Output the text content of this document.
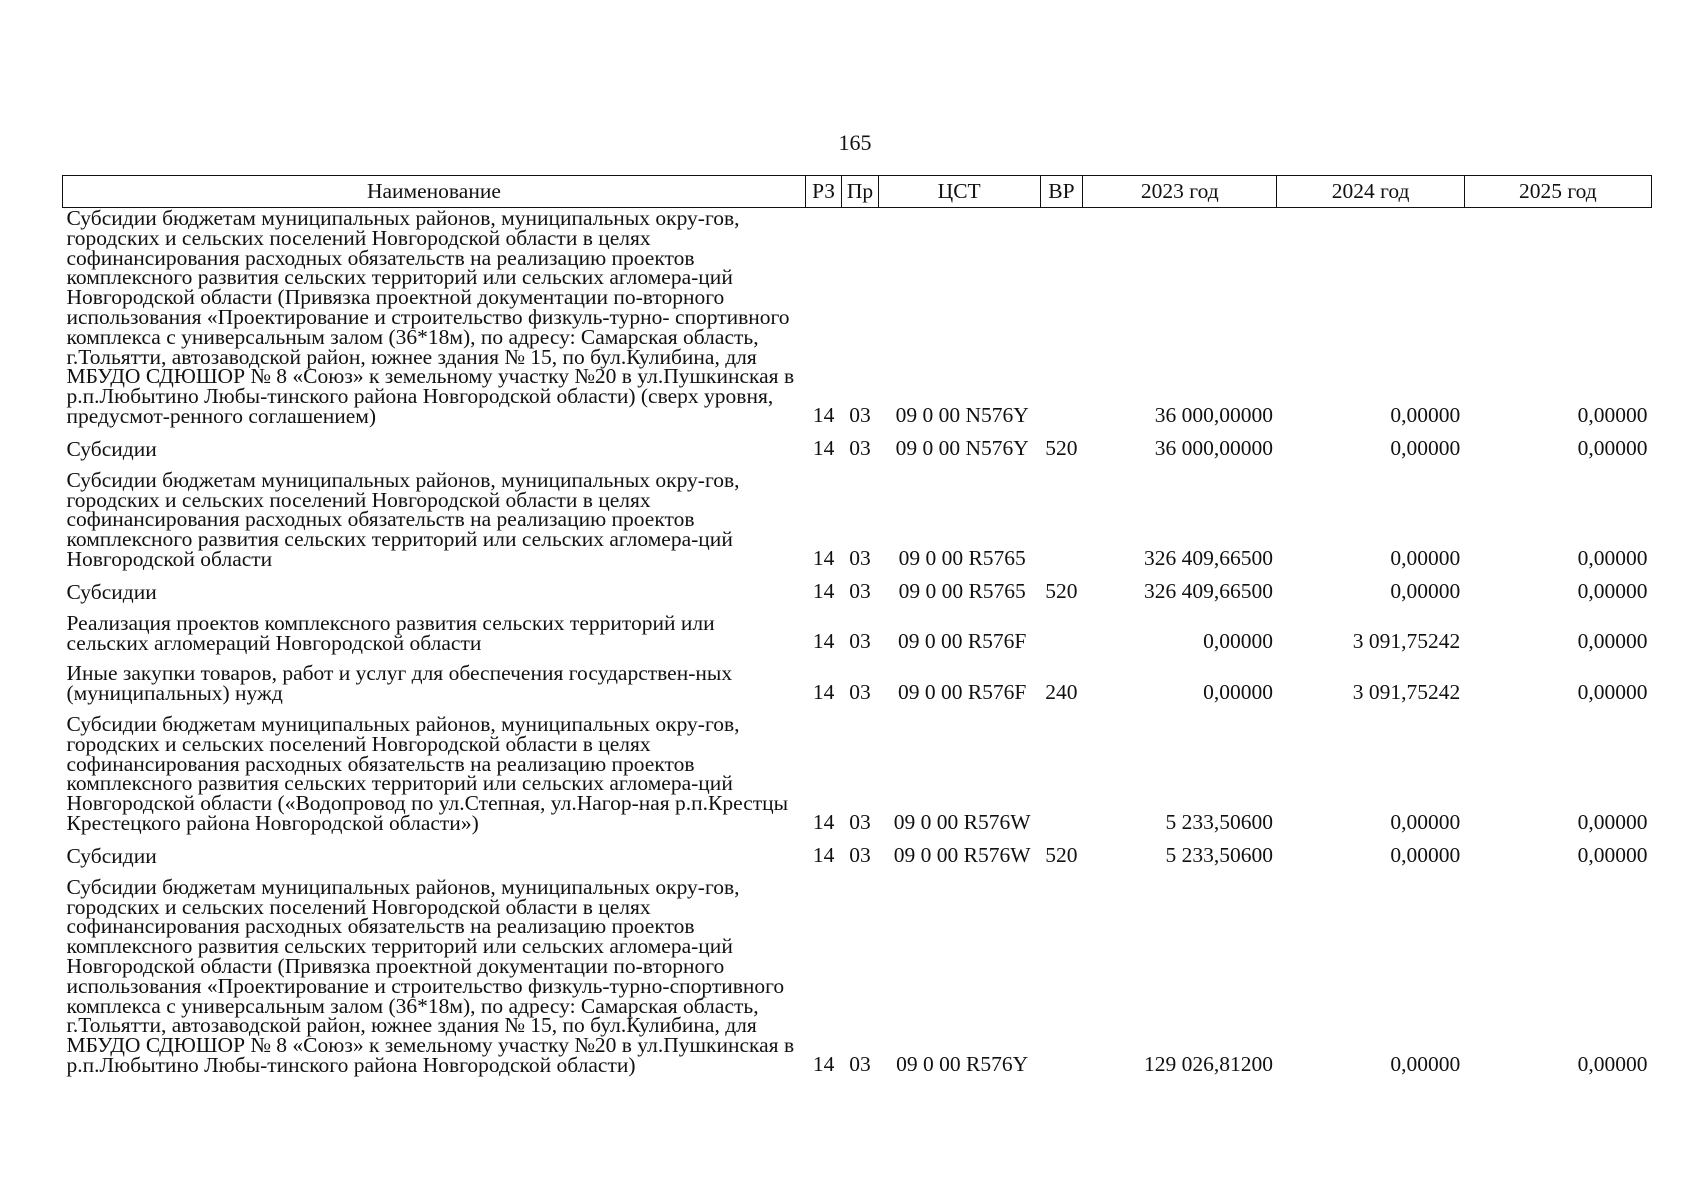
165
Наименование	РЗ	Пр	ЦСТ	ВР	2023 год	2024 год	2025 год
Субсидии бюджетам муниципальных районов, муниципальных окру-гов, городских и сельских поселений Новгородской области в целях софинансирования расходных обязательств на реализацию проектов комплексного развития сельских территорий или сельских агломера-ций Новгородской области (Привязка проектной документации по-вторного использования «Проектирование и строительство физкуль-турно- спортивного комплекса с универсальным залом (36*18м), по адресу: Самарская область, г.Тольятти, автозаводской район, южнее здания № 15, по бул.Кулибина, для МБУДО СДЮШОР № 8 «Союз» к земельному участку №20 в ул.Пушкинская в р.п.Любытино Любы-тинского района Новгородской области) (сверх уровня, предусмот-ренного соглашением)	14	03	09 0 00 N576Y		36 000,00000	0,00000	0,00000

Субсидии	14	03	09 0 00 N576Y	520	36 000,00000	0,00000	0,00000

Субсидии бюджетам муниципальных районов, муниципальных окру-гов, городских и сельских поселений Новгородской области в целях софинансирования расходных обязательств на реализацию проектов комплексного развития сельских территорий или сельских агломера-ций Новгородской области	14	03	09 0 00 R5765		326 409,66500	0,00000	0,00000

Субсидии	14	03	09 0 00 R5765	520	326 409,66500	0,00000	0,00000

Реализация проектов комплексного развития сельских территорий или сельских агломераций Новгородской области	14	03	09 0 00 R576F		0,00000	3 091,75242	0,00000

Иные закупки товаров, работ и услуг для обеспечения государствен-ных (муниципальных) нужд	14	03	09 0 00 R576F	240	0,00000	3 091,75242	0,00000

Субсидии бюджетам муниципальных районов, муниципальных окру-гов, городских и сельских поселений Новгородской области в целях софинансирования расходных обязательств на реализацию проектов комплексного развития сельских территорий или сельских агломера-ций Новгородской области («Водопровод по ул.Степная, ул.Нагор-ная р.п.Крестцы Крестецкого района Новгородской области»)	14	03	09 0 00 R576W		5 233,50600	0,00000	0,00000

Субсидии	14	03	09 0 00 R576W	520	5 233,50600	0,00000	0,00000

Субсидии бюджетам муниципальных районов, муниципальных окру-гов, городских и сельских поселений Новгородской области в целях софинансирования расходных обязательств на реализацию проектов комплексного развития сельских территорий или сельских агломера-ций Новгородской области (Привязка проектной документации по-вторного использования «Проектирование и строительство физкуль-турно-спортивного комплекса с универсальным залом (36*18м), по адресу: Самарская область, г.Тольятти, автозаводской район, южнее здания № 15, по бул.Кулибина, для МБУДО СДЮШОР № 8 «Союз» к земельному участку №20 в ул.Пушкинская в р.п.Любытино Любы-тинского района Новгородской области)	14	03	09 0 00 R576Y		129 026,81200	0,00000	0,00000
